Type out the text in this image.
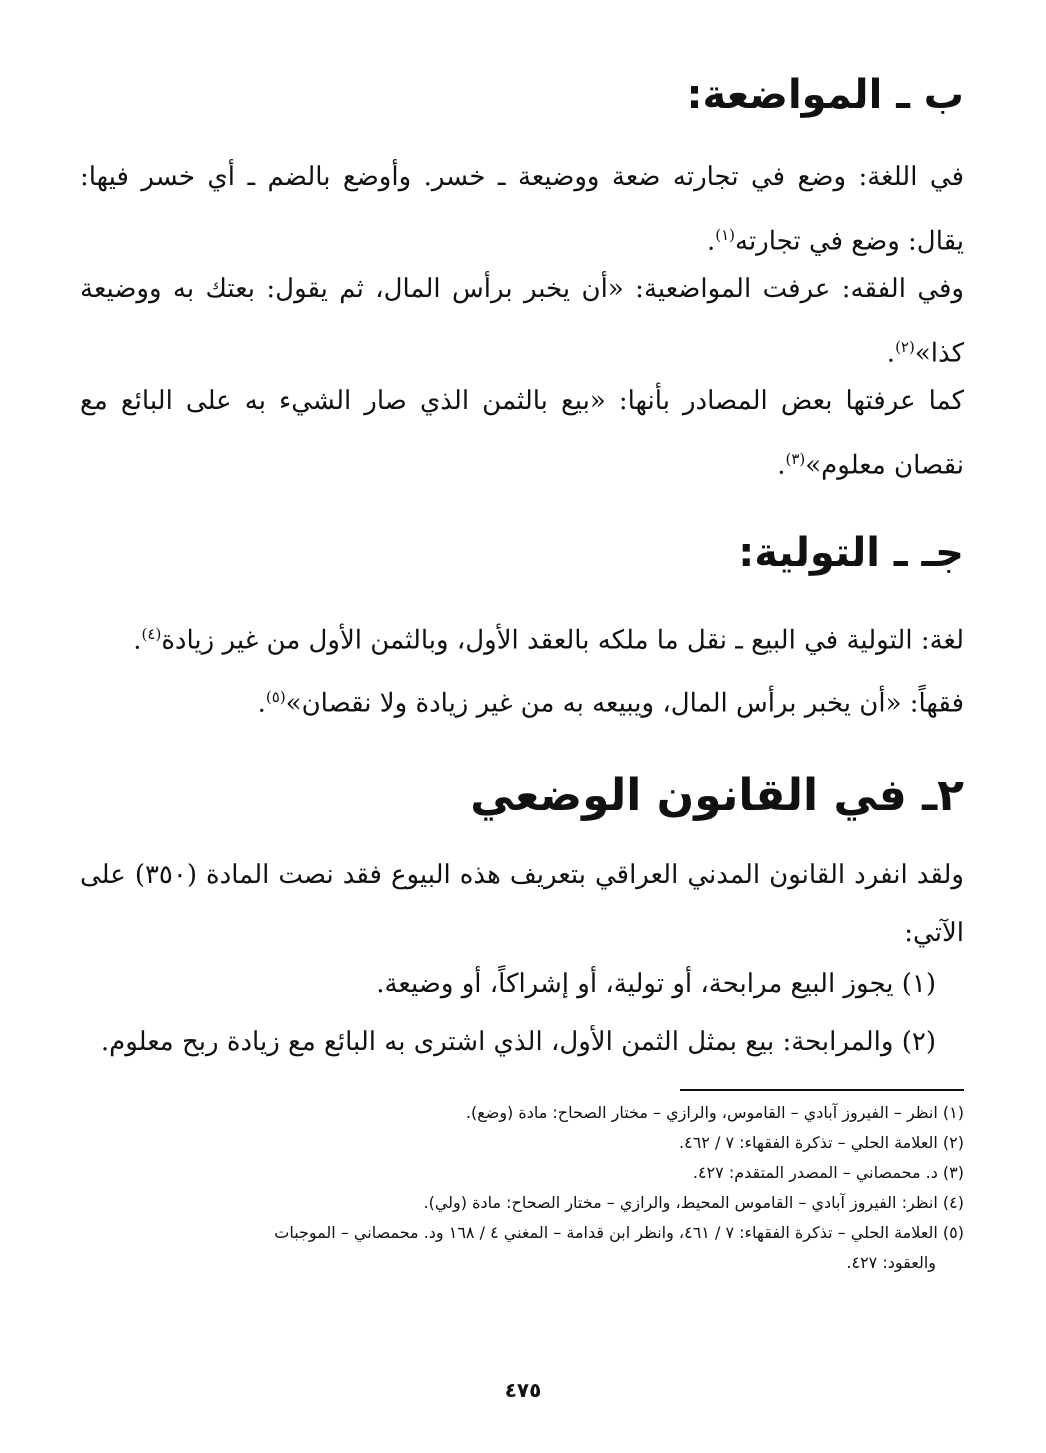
ب ـ المواضعة:

في اللغة: وضع في تجارته ضعة ووضيعة ـ خسر. وأوضع بالضم ـ أي خسر فيها: يقال: وضع في تجارته$^{(١)}$.

وفي الفقه: عرفت المواضعية: «أن يخبر برأس المال، ثم يقول: بعتك به ووضيعة كذا»$^{(٢)}$.

كما عرفتها بعض المصادر بأنها: «بيع بالثمن الذي صار الشيء به على البائع مع نقصان معلوم»$^{(٣)}$.

جـ ـ التولية:
لغة: التولية في البيع ـ نقل ما ملكه بالعقد الأول، وبالثمن الأول من غير زيادة$^{(٤)}$.
فقهاً: «أن يخبر برأس المال، ويبيعه به من غير زيادة ولا نقصان»$^{(٥)}$.
٢ـ في القانون الوضعي

ولقد انفرد القانون المدني العراقي بتعريف هذه البيوع فقد نصت المادة (٣٥٠) على الآتي:

(١) يجوز البيع مرابحة، أو تولية، أو إشراكاً، أو وضيعة.
(٢) والمرابحة: بيع بمثل الثمن الأول، الذي اشترى به البائع مع زيادة ربح معلوم.

(١) انظر – الفيروز آبادي – القاموس، والرازي – مختار الصحاح: مادة (وضع).

(٢) العلامة الحلي – تذكرة الفقهاء: ٧ / ٤٦٢.

(٣) د. محمصاني – المصدر المتقدم: ٤٢٧.

(٤) انظر: الفيروز آبادي – القاموس المحيط، والرازي – مختار الصحاح: مادة (ولي).

(٥) العلامة الحلي – تذكرة الفقهاء: ٧ / ٤٦١، وانظر ابن قدامة – المغني ٤ / ١٦٨ ود. محمصاني – الموجبات

والعقود: ٤٢٧.

٤٧٥
